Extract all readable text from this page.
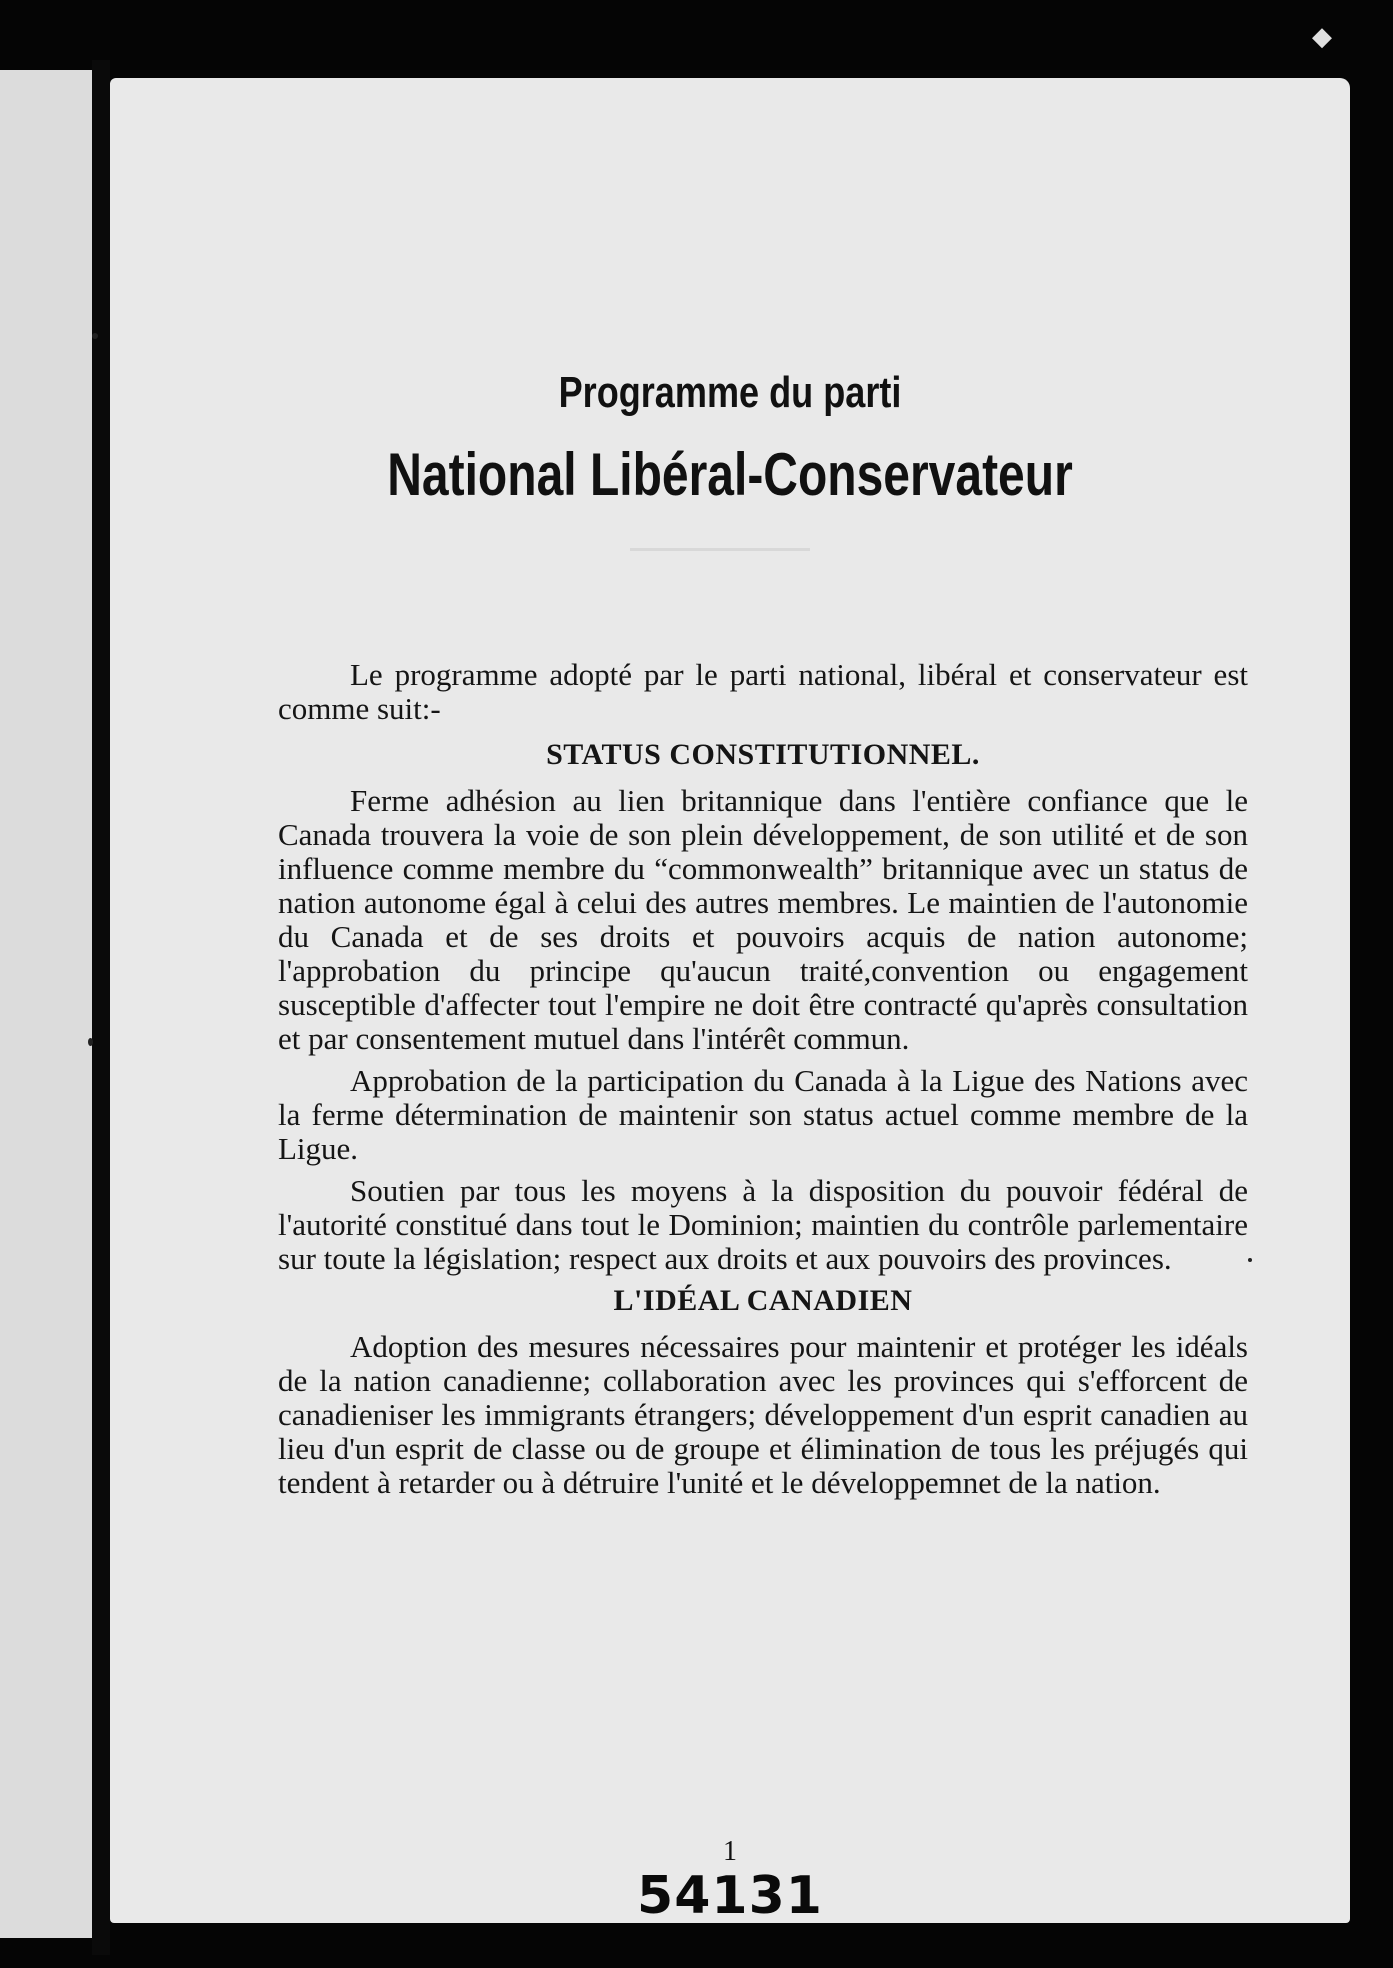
◆
Programme du parti
National Libéral-Conservateur

Le programme adopté par le parti national, libéral et conservateur est comme suit:-

STATUS CONSTITUTIONNEL.

Ferme adhésion au lien britannique dans l'entière confiance que le Canada trouvera la voie de son plein développement, de son utilité et de son influence comme membre du “commonwealth” britannique avec un status de nation autonome égal à celui des autres membres. Le maintien de l'autonomie du Canada et de ses droits et pouvoirs acquis de nation autonome; l'approbation du principe qu'aucun traité,convention ou engagement susceptible d'affecter tout l'empire ne doit être contracté qu'après consultation et par consentement mutuel dans l'intérêt commun.

Approbation de la participation du Canada à la Ligue des Nations avec la ferme détermination de maintenir son status actuel comme membre de la Ligue.

Soutien par tous les moyens à la disposition du pouvoir fédéral de l'autorité constitué dans tout le Dominion; maintien du contrôle parlementaire sur toute la législation; respect aux droits et aux pouvoirs des provinces.

L'IDÉAL CANADIEN

Adoption des mesures nécessaires pour maintenir et protéger les idéals de la nation canadienne; collaboration avec les provinces qui s'efforcent de canadieniser les immigrants étrangers; développement d'un esprit canadien au lieu d'un esprit de classe ou de groupe et élimination de tous les préjugés qui tendent à retarder ou à détruire l'unité et le développemnet de la nation.

1
54131
